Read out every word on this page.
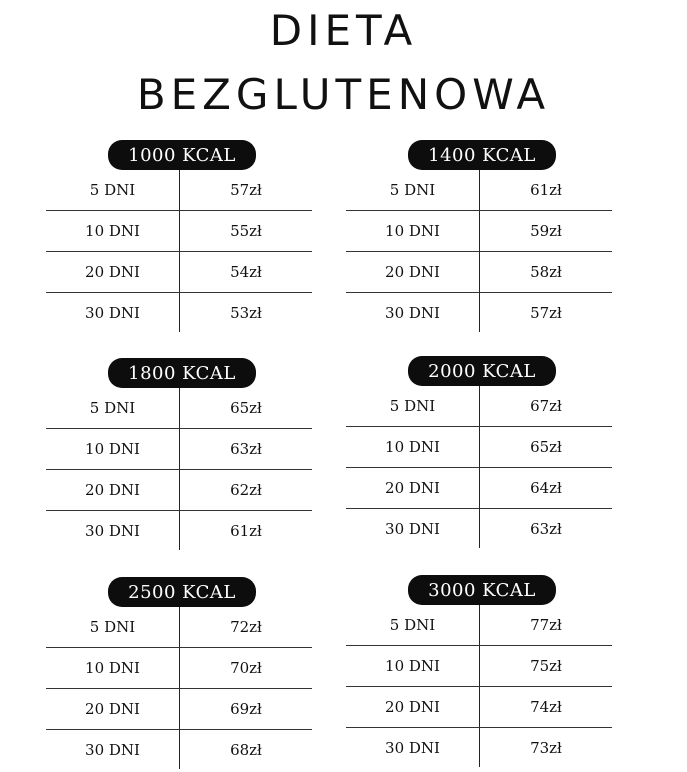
DIETA
BEZGLUTENOWA
1000 KCAL
5 DNI	57zł
10 DNI	55zł
20 DNI	54zł
30 DNI	53zł
1400 KCAL
5 DNI	61zł
10 DNI	59zł
20 DNI	58zł
30 DNI	57zł
1800 KCAL
5 DNI	65zł
10 DNI	63zł
20 DNI	62zł
30 DNI	61zł
2000 KCAL
5 DNI	67zł
10 DNI	65zł
20 DNI	64zł
30 DNI	63zł
2500 KCAL
5 DNI	72zł
10 DNI	70zł
20 DNI	69zł
30 DNI	68zł
3000 KCAL
5 DNI	77zł
10 DNI	75zł
20 DNI	74zł
30 DNI	73zł
